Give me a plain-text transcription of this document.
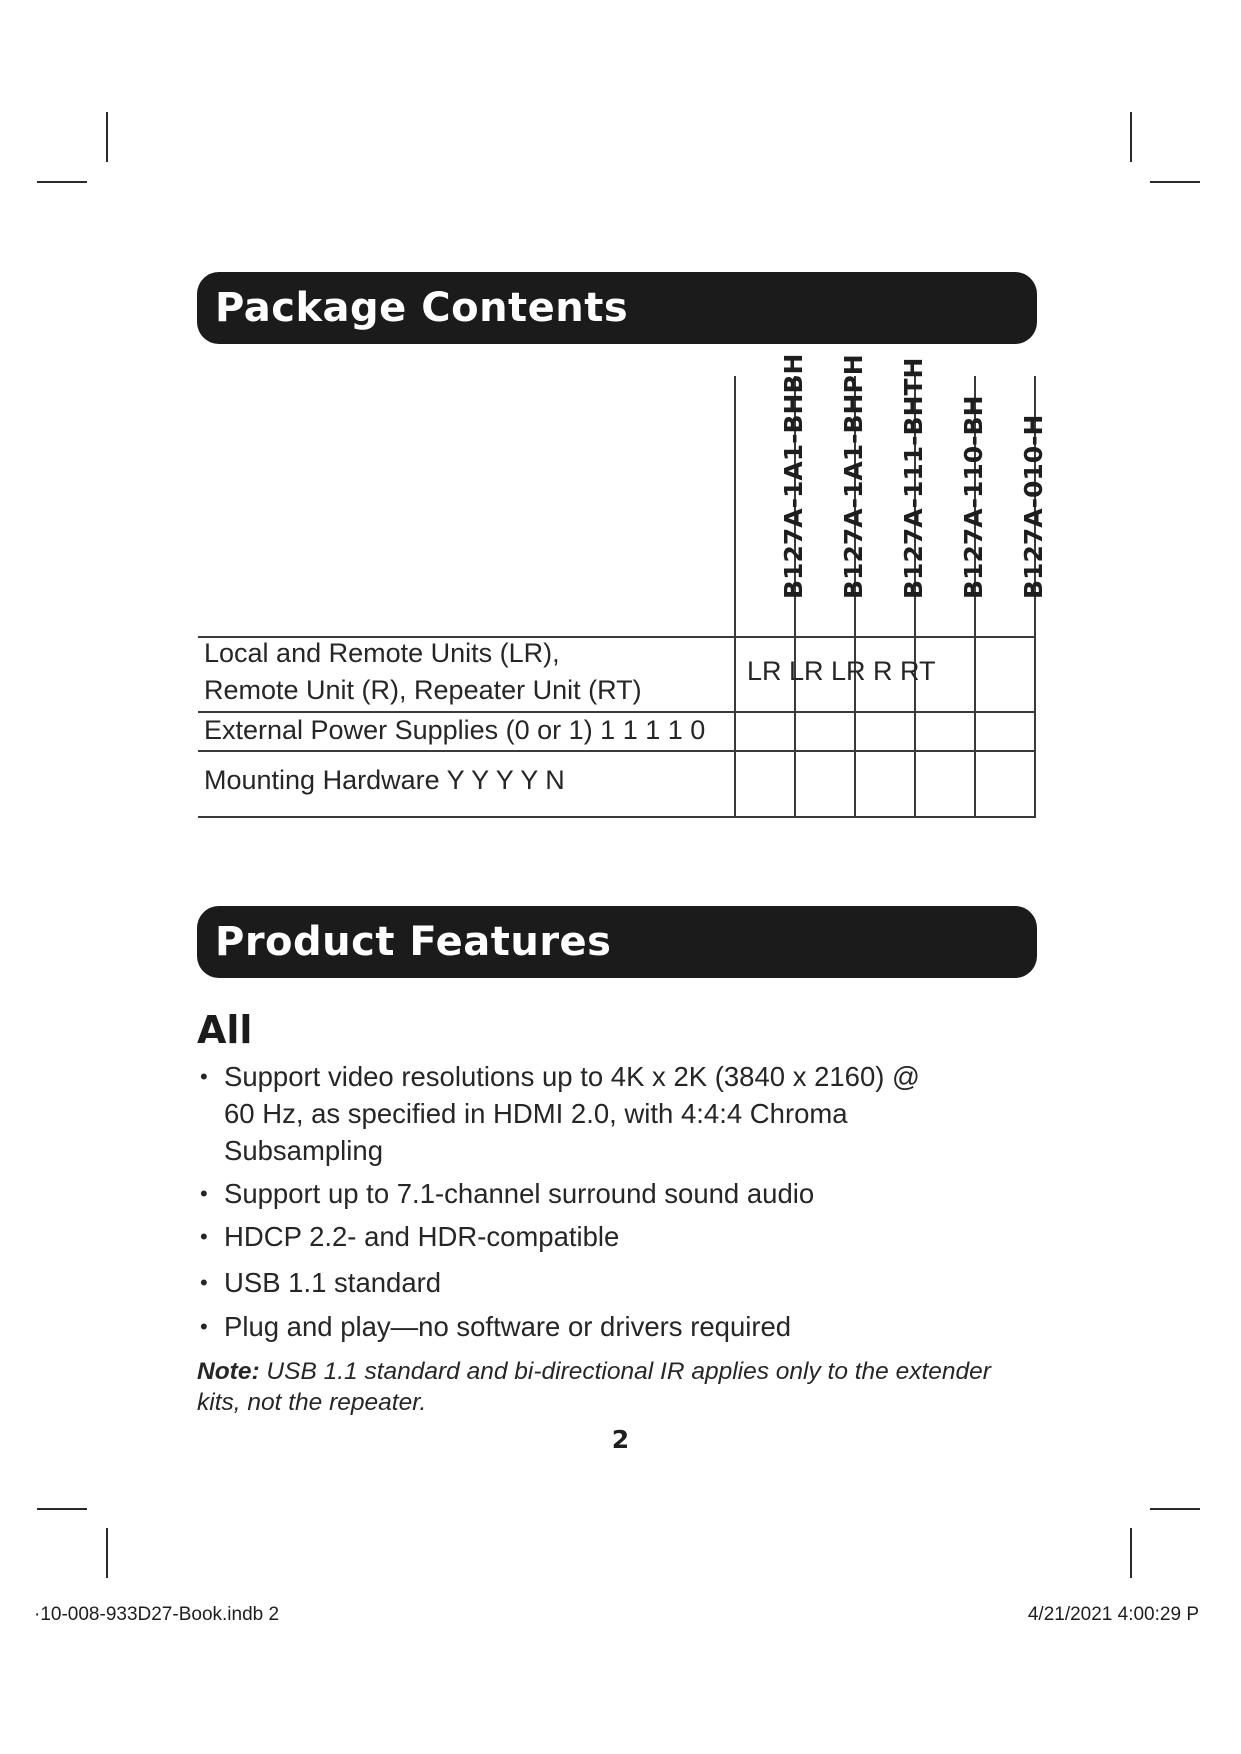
Package Contents
B127A-1A1-BHBH B127A-1A1-BHPH B127A-111-BHTH B127A-110-BH B127A-010-H
Local and Remote Units (LR),
Remote Unit (R), Repeater Unit (RT)
LR LR LR R RT
External Power Supplies (0 or 1) 1 1 1 1 0
Mounting Hardware Y Y Y Y N
Product Features
All
• Support video resolutions up to 4K x 2K (3840 x 2160) @
60 Hz, as specified in HDMI 2.0, with 4:4:4 Chroma
Subsampling
• Support up to 7.1-channel surround sound audio
• HDCP 2.2- and HDR-compatible
• USB 1.1 standard
• Plug and play—no software or drivers required
Note: USB 1.1 standard and bi-directional IR applies only to the extender
kits, not the repeater.
2
·10-008-933D27-Book.indb 2	4/21/2021 4:00:29 P
